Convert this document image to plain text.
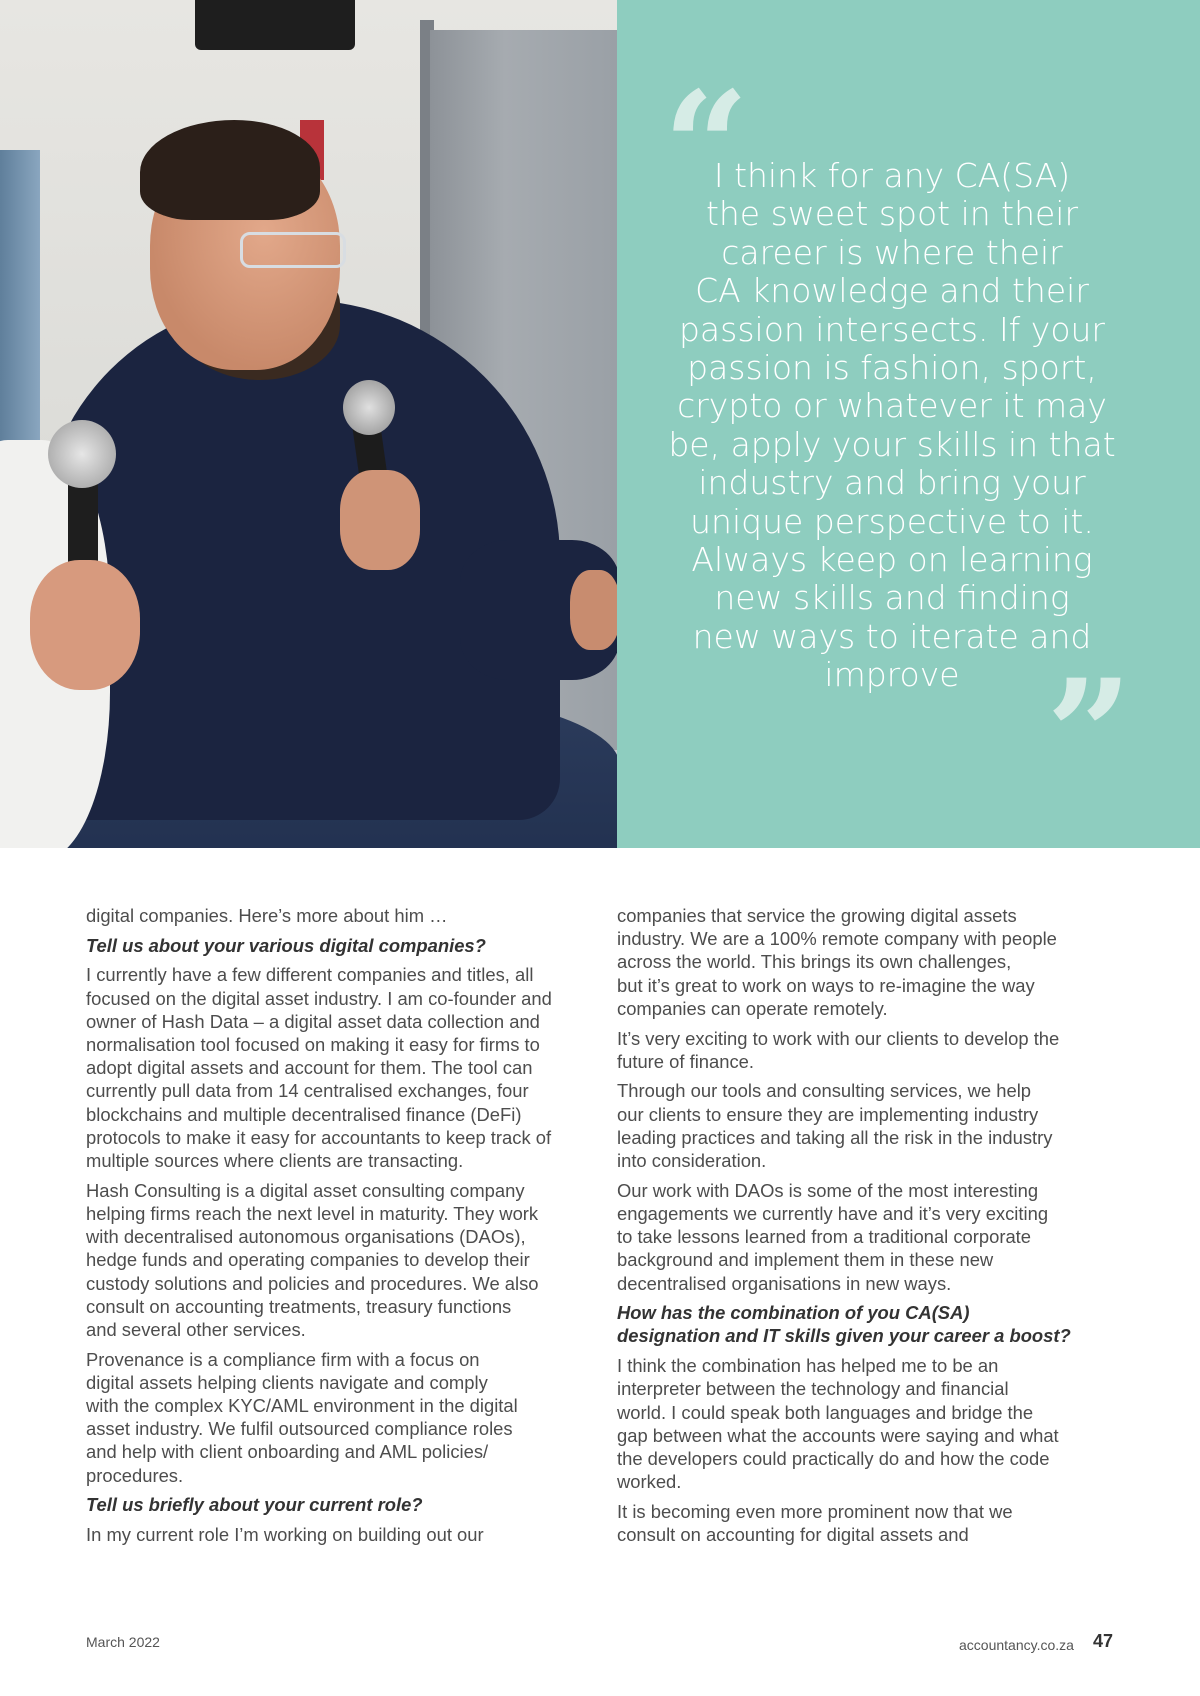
“
I think for any CA(SA)
the sweet spot in their
career is where their
CA knowledge and their
passion intersects. If your
passion is fashion, sport,
crypto or whatever it may
be, apply your skills in that
industry and bring your
unique perspective to it.
Always keep on learning
new skills and finding
new ways to iterate and
improve ”

digital companies. Here’s more about him …

Tell us about your various digital companies?

I currently have a few different companies and titles, all
focused on the digital asset industry. I am co-founder and
owner of Hash Data – a digital asset data collection and
normalisation tool focused on making it easy for firms to
adopt digital assets and account for them. The tool can
currently pull data from 14 centralised exchanges, four
blockchains and multiple decentralised finance (DeFi)
protocols to make it easy for accountants to keep track of
multiple sources where clients are transacting.

Hash Consulting is a digital asset consulting company
helping firms reach the next level in maturity. They work
with decentralised autonomous organisations (DAOs),
hedge funds and operating companies to develop their
custody solutions and policies and procedures. We also
consult on accounting treatments, treasury functions
and several other services.

Provenance is a compliance firm with a focus on
digital assets helping clients navigate and comply
with the complex KYC/AML environment in the digital
asset industry. We fulfil outsourced compliance roles
and help with client onboarding and AML policies/
procedures.

Tell us briefly about your current role?

In my current role I’m working on building out our

companies that service the growing digital assets
industry. We are a 100% remote company with people
across the world. This brings its own challenges,
but it’s great to work on ways to re-imagine the way
companies can operate remotely.

It’s very exciting to work with our clients to develop the
future of finance.

Through our tools and consulting services, we help
our clients to ensure they are implementing industry
leading practices and taking all the risk in the industry
into consideration.

Our work with DAOs is some of the most interesting
engagements we currently have and it’s very exciting
to take lessons learned from a traditional corporate
background and implement them in these new
decentralised organisations in new ways.

How has the combination of you CA(SA)
designation and IT skills given your career a boost?

I think the combination has helped me to be an
interpreter between the technology and financial
world. I could speak both languages and bridge the
gap between what the accounts were saying and what
the developers could practically do and how the code
worked.

It is becoming even more prominent now that we
consult on accounting for digital assets and

March 2022	accountancy.co.za 47
